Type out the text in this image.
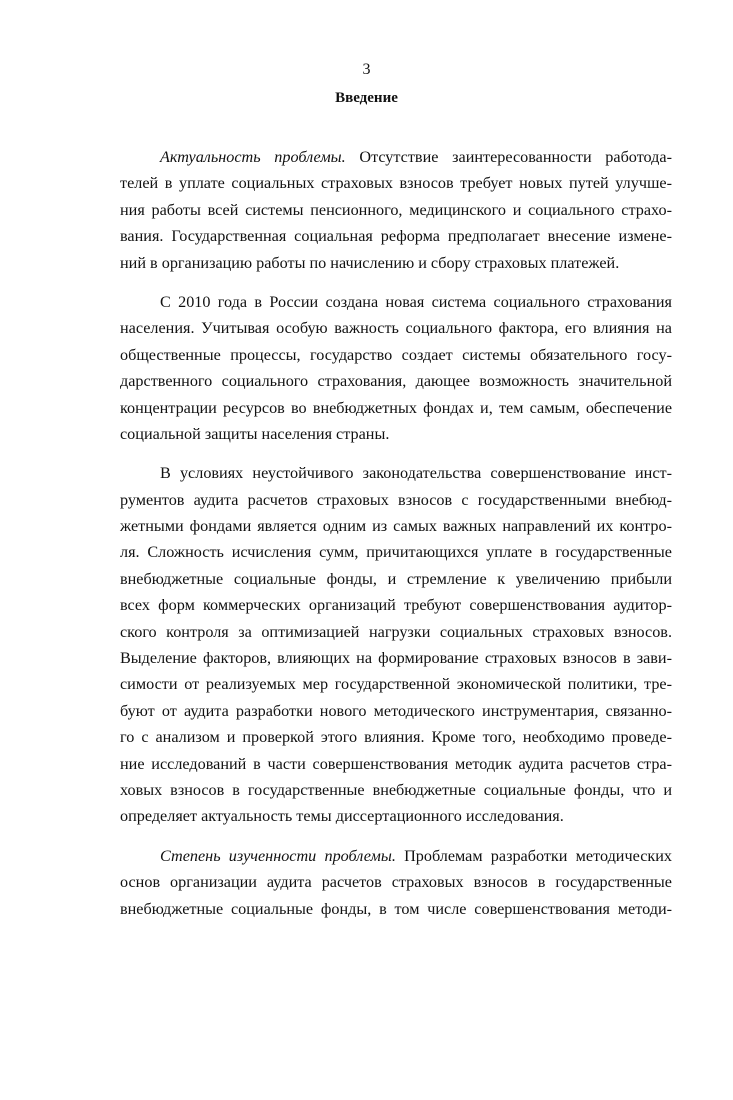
3
Введение

Актуальность проблемы. Отсутствие заинтересованности работода-
телей в уплате социальных страховых взносов требует новых путей улучше-
ния работы всей системы пенсионного, медицинского и социального страхо-
вания. Государственная социальная реформа предполагает внесение измене-
ний в организацию работы по начислению и сбору страховых платежей.

С 2010 года в России создана новая система социального страхования
населения. Учитывая особую важность социального фактора, его влияния на
общественные процессы, государство создает системы обязательного госу-
дарственного социального страхования, дающее возможность значительной
концентрации ресурсов во внебюджетных фондах и, тем самым, обеспечение
социальной защиты населения страны.

В условиях неустойчивого законодательства совершенствование инст-
рументов аудита расчетов страховых взносов с государственными внебюд-
жетными фондами является одним из самых важных направлений их контро-
ля. Сложность исчисления сумм, причитающихся уплате в государственные
внебюджетные социальные фонды, и стремление к увеличению прибыли
всех форм коммерческих организаций требуют совершенствования аудитор-
ского контроля за оптимизацией нагрузки социальных страховых взносов.
Выделение факторов, влияющих на формирование страховых взносов в зави-
симости от реализуемых мер государственной экономической политики, тре-
буют от аудита разработки нового методического инструментария, связанно-
го с анализом и проверкой этого влияния. Кроме того, необходимо проведе-
ние исследований в части совершенствования методик аудита расчетов стра-
ховых взносов в государственные внебюджетные социальные фонды, что и
определяет актуальность темы диссертационного исследования.

Степень изученности проблемы. Проблемам разработки методических
основ организации аудита расчетов страховых взносов в государственные
внебюджетные социальные фонды, в том числе совершенствования методи-
